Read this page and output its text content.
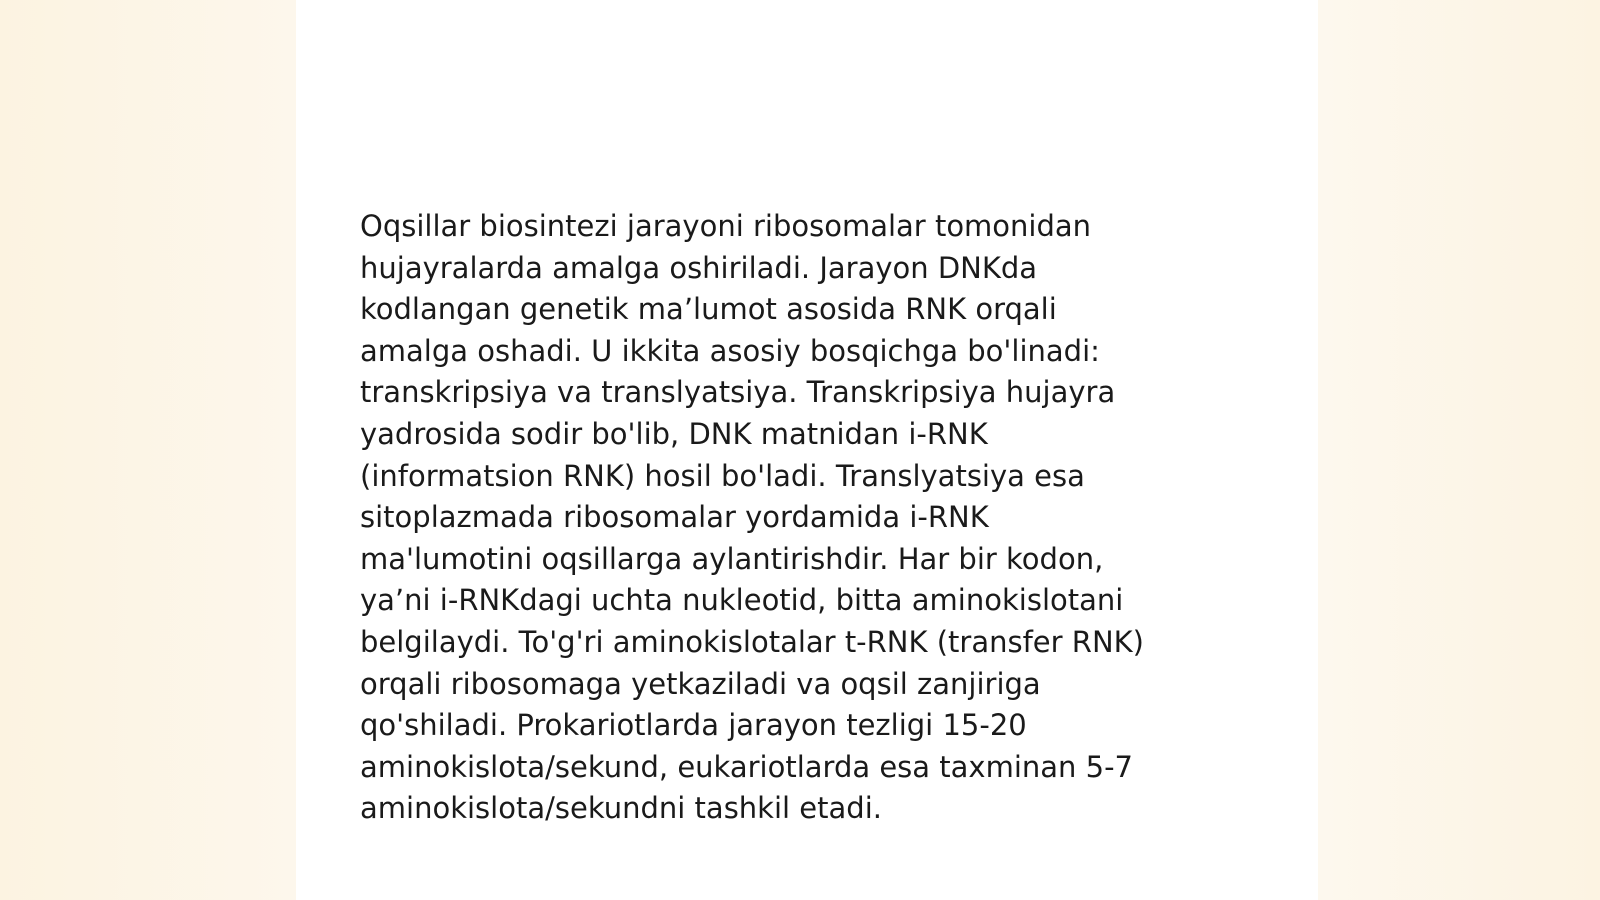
Oqsillar biosintezi jarayoni ribosomalar tomonidan
hujayralarda amalga oshiriladi. Jarayon DNKda
kodlangan genetik ma’lumot asosida RNK orqali
amalga oshadi. U ikkita asosiy bosqichga bo'linadi:
transkripsiya va translyatsiya. Transkripsiya hujayra
yadrosida sodir bo'lib, DNK matnidan i-RNK
(informatsion RNK) hosil bo'ladi. Translyatsiya esa
sitoplazmada ribosomalar yordamida i-RNK
ma'lumotini oqsillarga aylantirishdir. Har bir kodon,
ya’ni i-RNKdagi uchta nukleotid, bitta aminokislotani
belgilaydi. To'g'ri aminokislotalar t-RNK (transfer RNK)
orqali ribosomaga yetkaziladi va oqsil zanjiriga
qo'shiladi. Prokariotlarda jarayon tezligi 15-20
aminokislota/sekund, eukariotlarda esa taxminan 5-7
aminokislota/sekundni tashkil etadi.
